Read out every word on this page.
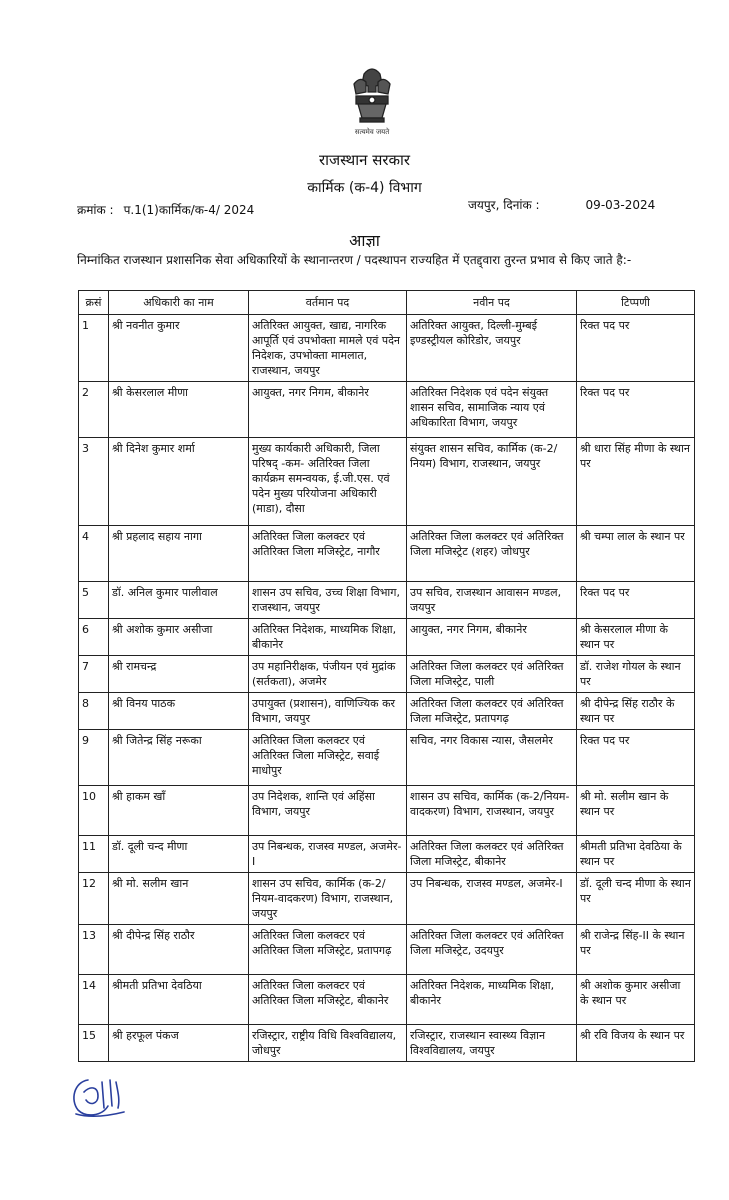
सत्यमेव जयते
राजस्थान सरकार
कार्मिक (क-4) विभाग
क्रमांक : प.1(1)कार्मिक/क-4/ 2024	जयपुर, दिनांक :	09-03-2024
आज्ञा
निम्नांकित राजस्थान प्रशासनिक सेवा अधिकारियों के स्थानान्तरण / पदस्थापन राज्यहित में एतद्द्वारा तुरन्त प्रभाव से किए जाते है:-
क्रसं	अधिकारी का नाम	वर्तमान पद	नवीन पद	टिप्पणी
1	श्री नवनीत कुमार	अतिरिक्त आयुक्त, खाद्य, नागरिक आपूर्ति एवं उपभोक्ता मामले एवं पदेन निदेशक, उपभोक्ता मामलात, राजस्थान, जयपुर	अतिरिक्त आयुक्त, दिल्ली-मुम्बई इण्डस्ट्रीयल कोरिडोर, जयपुर	रिक्त पद पर
2	श्री केसरलाल मीणा	आयुक्त, नगर निगम, बीकानेर	अतिरिक्त निदेशक एवं पदेन संयुक्त शासन सचिव, सामाजिक न्याय एवं अधिकारिता विभाग, जयपुर	रिक्त पद पर
3	श्री दिनेश कुमार शर्मा	मुख्य कार्यकारी अधिकारी, जिला परिषद् -कम- अतिरिक्त जिला कार्यक्रम समन्वयक, ई.जी.एस. एवं पदेन मुख्य परियोजना अधिकारी (माडा), दौसा	संयुक्त शासन सचिव, कार्मिक (क-2/नियम) विभाग, राजस्थान, जयपुर	श्री धारा सिंह मीणा के स्थान पर
4	श्री प्रहलाद सहाय नागा	अतिरिक्त जिला कलक्टर एवं अतिरिक्त जिला मजिस्ट्रेट, नागौर	अतिरिक्त जिला कलक्टर एवं अतिरिक्त जिला मजिस्ट्रेट (शहर) जोधपुर	श्री चम्पा लाल के स्थान पर
5	डॉ. अनिल कुमार पालीवाल	शासन उप सचिव, उच्च शिक्षा विभाग, राजस्थान, जयपुर	उप सचिव, राजस्थान आवासन मण्डल, जयपुर	रिक्त पद पर
6	श्री अशोक कुमार असीजा	अतिरिक्त निदेशक, माध्यमिक शिक्षा, बीकानेर	आयुक्त, नगर निगम, बीकानेर	श्री केसरलाल मीणा के स्थान पर
7	श्री रामचन्द्र	उप महानिरीक्षक, पंजीयन एवं मुद्रांक (सर्तकता), अजमेर	अतिरिक्त जिला कलक्टर एवं अतिरिक्त जिला मजिस्ट्रेट, पाली	डॉ. राजेश गोयल के स्थान पर
8	श्री विनय पाठक	उपायुक्त (प्रशासन), वाणिज्यिक कर विभाग, जयपुर	अतिरिक्त जिला कलक्टर एवं अतिरिक्त जिला मजिस्ट्रेट, प्रतापगढ़	श्री दीपेन्द्र सिंह राठौर के स्थान पर
9	श्री जितेन्द्र सिंह नरूका	अतिरिक्त जिला कलक्टर एवं अतिरिक्त जिला मजिस्ट्रेट, सवाई माधोपुर	सचिव, नगर विकास न्यास, जैसलमेर	रिक्त पद पर
10	श्री हाकम खाँ	उप निदेशक, शान्ति एवं अहिंसा विभाग, जयपुर	शासन उप सचिव, कार्मिक (क-2/नियम-वादकरण) विभाग, राजस्थान, जयपुर	श्री मो. सलीम खान के स्थान पर
11	डॉ. दूली चन्द मीणा	उप निबन्धक, राजस्व मण्डल, अजमेर-I	अतिरिक्त जिला कलक्टर एवं अतिरिक्त जिला मजिस्ट्रेट, बीकानेर	श्रीमती प्रतिभा देवठिया के स्थान पर
12	श्री मो. सलीम खान	शासन उप सचिव, कार्मिक (क-2/नियम-वादकरण) विभाग, राजस्थान, जयपुर	उप निबन्धक, राजस्व मण्डल, अजमेर-I	डॉ. दूली चन्द मीणा के स्थान पर
13	श्री दीपेन्द्र सिंह राठौर	अतिरिक्त जिला कलक्टर एवं अतिरिक्त जिला मजिस्ट्रेट, प्रतापगढ़	अतिरिक्त जिला कलक्टर एवं अतिरिक्त जिला मजिस्ट्रेट, उदयपुर	श्री राजेन्द्र सिंह-II के स्थान पर
14	श्रीमती प्रतिभा देवठिया	अतिरिक्त जिला कलक्टर एवं अतिरिक्त जिला मजिस्ट्रेट, बीकानेर	अतिरिक्त निदेशक, माध्यमिक शिक्षा, बीकानेर	श्री अशोक कुमार असीजा के स्थान पर
15	श्री हरफूल पंकज	रजिस्ट्रार, राष्ट्रीय विधि विश्वविद्यालय, जोधपुर	रजिस्ट्रार, राजस्थान स्वास्थ्य विज्ञान विश्वविद्यालय, जयपुर	श्री रवि विजय के स्थान पर
